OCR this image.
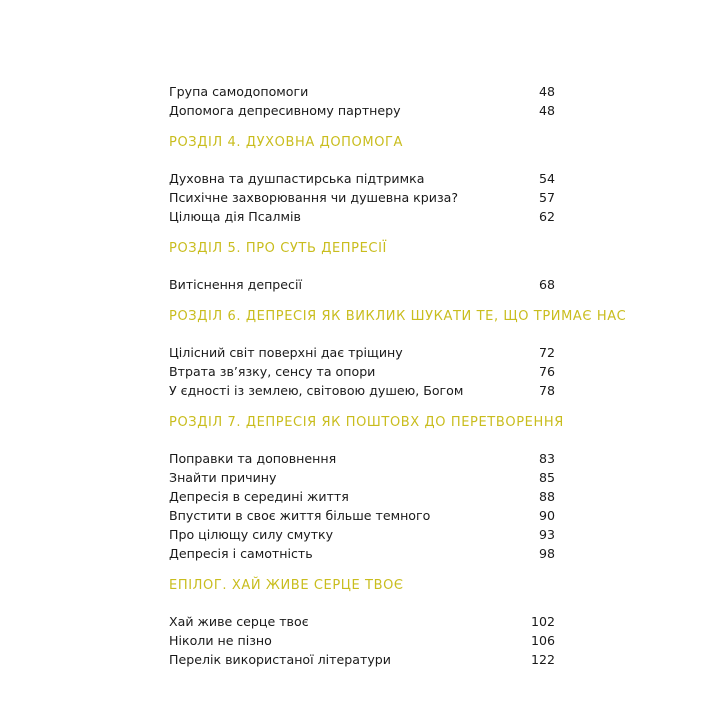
Група самодопомоги	48
Допомога депресивному партнеру	48
РОЗДІЛ 4. ДУХОВНА ДОПОМОГА
Духовна та душпастирська підтримка	54
Психічне захворювання чи душевна криза?	57
Цілюща дія Псалмів	62
РОЗДІЛ 5. ПРО СУТЬ ДЕПРЕСІЇ
Витіснення депресії	68
РОЗДІЛ 6. ДЕПРЕСІЯ ЯК ВИКЛИК ШУКАТИ ТЕ, ЩО ТРИМАЄ НАС
Цілісний світ поверхні дає тріщину	72
Втрата зв’язку, сенсу та опори	76
У єдності із землею, світовою душею, Богом	78
РОЗДІЛ 7. ДЕПРЕСІЯ ЯК ПОШТОВХ ДО ПЕРЕТВОРЕННЯ
Поправки та доповнення	83
Знайти причину	85
Депресія в середині життя	88
Впустити в своє життя більше темного	90
Про цілющу силу смутку	93
Депресія і самотність	98
ЕПІЛОГ. ХАЙ ЖИВЕ СЕРЦЕ ТВОЄ
Хай живе серце твоє	102
Ніколи не пізно	106
Перелік використаної літератури	122
